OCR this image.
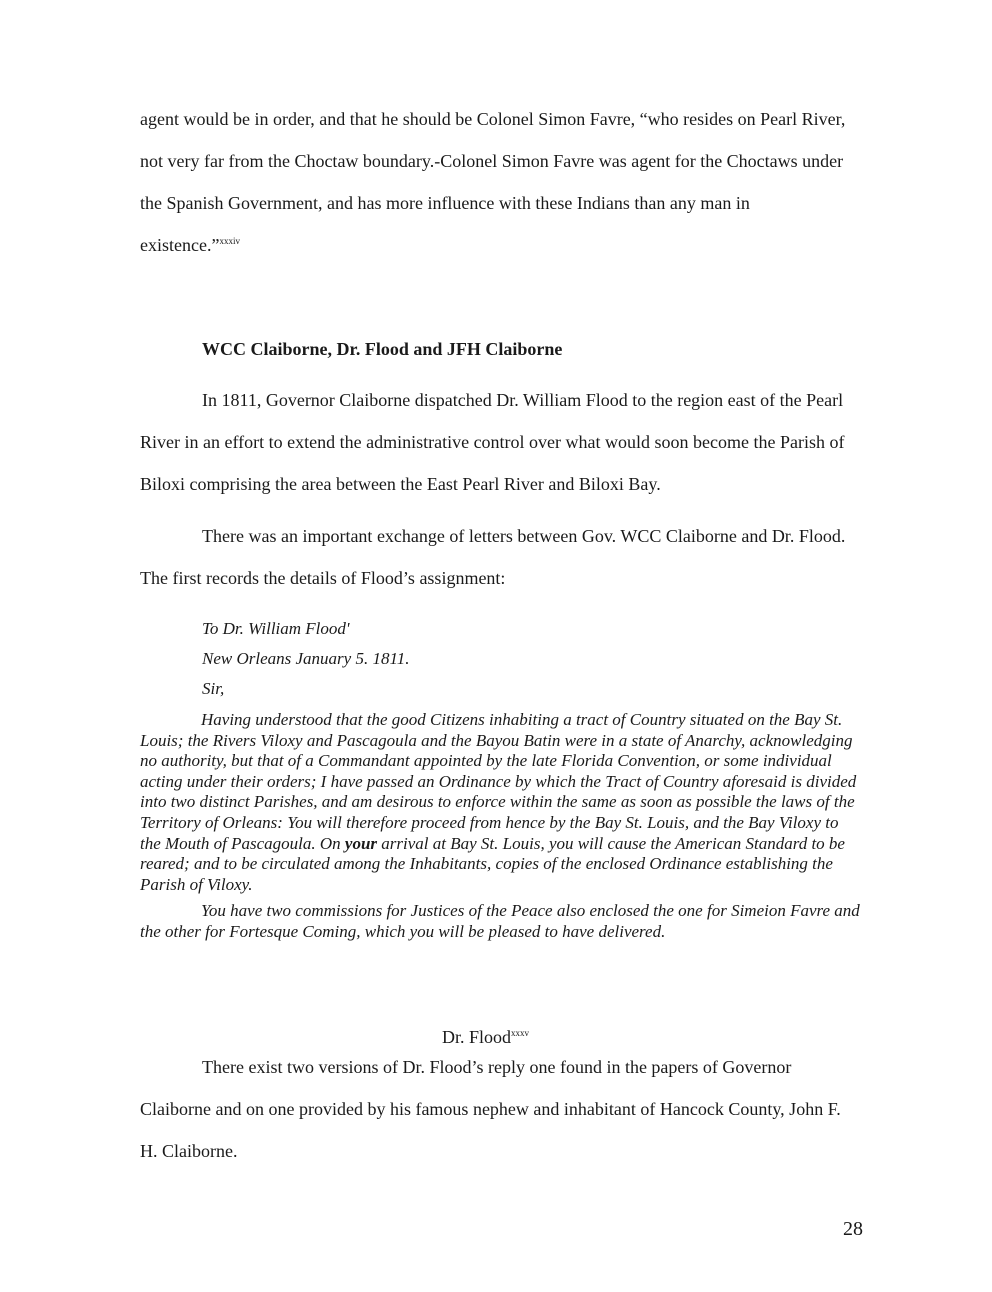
agent would be in order, and that he should be Colonel Simon Favre, “who resides on Pearl River,
not very far from the Choctaw boundary.-Colonel Simon Favre was agent for the Choctaws under
the Spanish Government, and has more influence with these Indians than any man in
existence.”$^{xxxiv}$
WCC Claiborne, Dr. Flood and JFH Claiborne
In 1811, Governor Claiborne dispatched Dr. William Flood to the region east of the Pearl
River in an effort to extend the administrative control over what would soon become the Parish of
Biloxi comprising the area between the East Pearl River and Biloxi Bay.
There was an important exchange of letters between Gov. WCC Claiborne and Dr. Flood.
The first records the details of Flood’s assignment:
To Dr. William Flood'
New Orleans January 5. 1811.
Sir,

Having understood that the good Citizens inhabiting a tract of Country situated on the Bay St. Louis; the Rivers Viloxy and Pascagoula and the Bayou Batin were in a state of Anarchy, acknowledging no authority, but that of a Commandant appointed by the late Florida Convention, or some individual acting under their orders; I have passed an Ordinance by which the Tract of Country aforesaid is divided into two distinct Parishes, and am desirous to enforce within the same as soon as possible the laws of the Territory of Orleans: You will therefore proceed from hence by the Bay St. Louis, and the Bay Viloxy to the Mouth of Pascagoula. On your arrival at Bay St. Louis, you will cause the American Standard to be reared; and to be circulated among the Inhabitants, copies of the enclosed Ordinance establishing the Parish of Viloxy.

You have two commissions for Justices of the Peace also enclosed the one for Simeion Favre and the other for Fortesque Coming, which you will be pleased to have delivered.

Dr. Flood$^{xxxv}$
There exist two versions of Dr. Flood’s reply one found in the papers of Governor
Claiborne and on one provided by his famous nephew and inhabitant of Hancock County, John F.
H. Claiborne.
28
